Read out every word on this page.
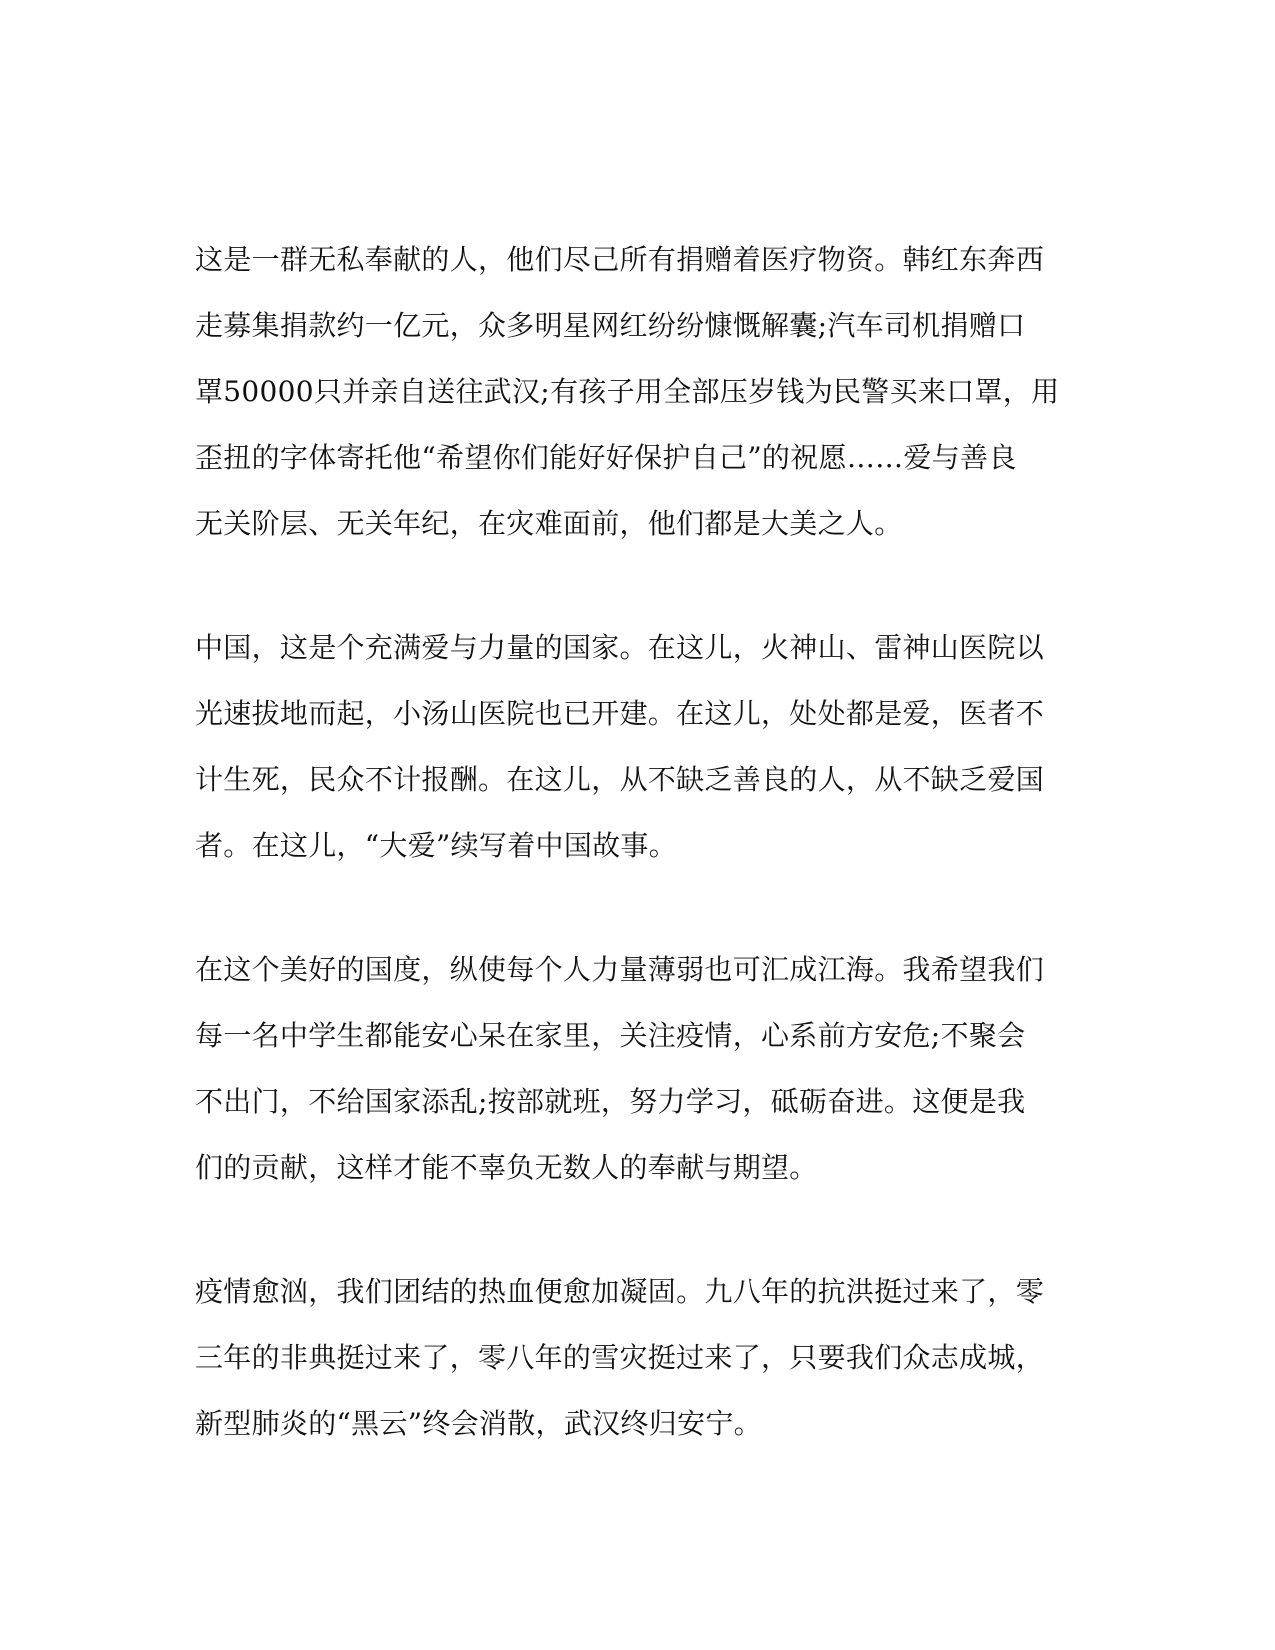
这是一群无私奉献的人，他们尽己所有捐赠着医疗物资。韩红东奔西
走募集捐款约一亿元，众多明星网红纷纷慷慨解囊;汽车司机捐赠口
罩50000只并亲自送往武汉;有孩子用全部压岁钱为民警买来口罩，用
歪扭的字体寄托他“希望你们能好好保护自己”的祝愿……爱与善良
无关阶层、无关年纪，在灾难面前，他们都是大美之人。
中国，这是个充满爱与力量的国家。在这儿，火神山、雷神山医院以
光速拔地而起，小汤山医院也已开建。在这儿，处处都是爱，医者不
计生死，民众不计报酬。在这儿，从不缺乏善良的人，从不缺乏爱国
者。在这儿，“大爱”续写着中国故事。
在这个美好的国度，纵使每个人力量薄弱也可汇成江海。我希望我们
每一名中学生都能安心呆在家里，关注疫情，心系前方安危;不聚会
不出门，不给国家添乱;按部就班，努力学习，砥砺奋进。这便是我
们的贡献，这样才能不辜负无数人的奉献与期望。
疫情愈汹，我们团结的热血便愈加凝固。九八年的抗洪挺过来了，零
三年的非典挺过来了，零八年的雪灾挺过来了，只要我们众志成城，
新型肺炎的“黑云”终会消散，武汉终归安宁。
